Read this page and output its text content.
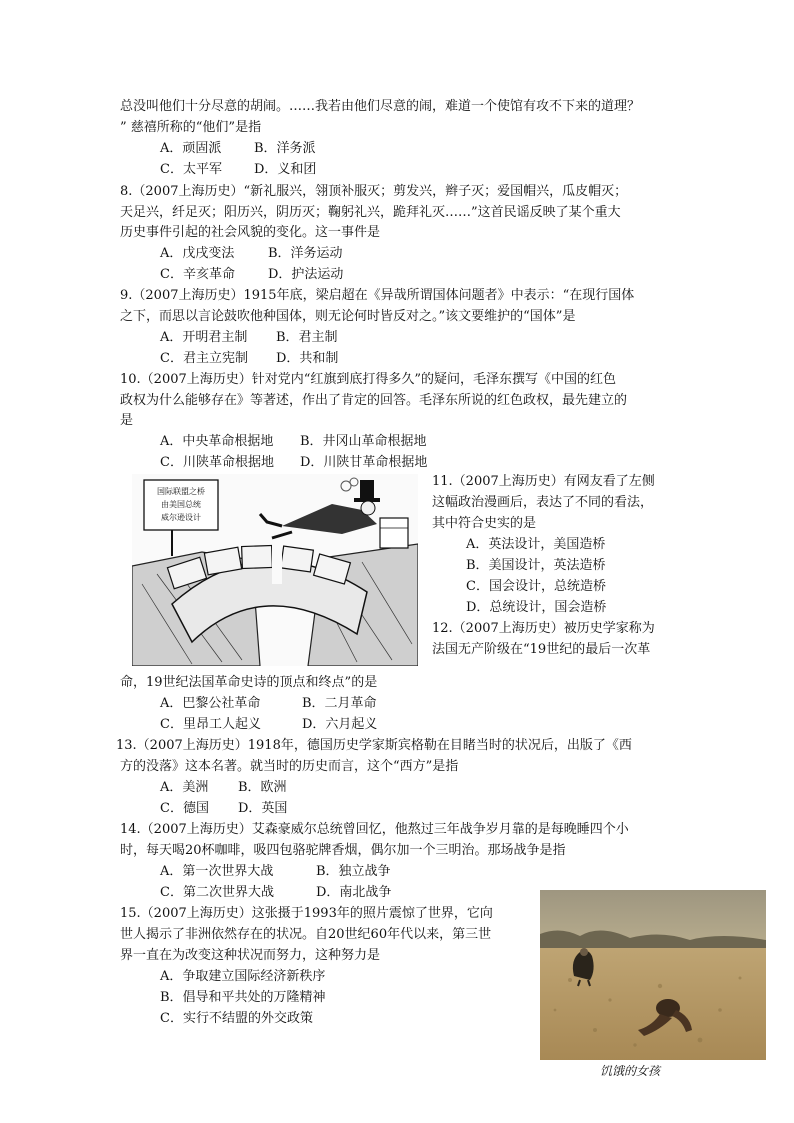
总没叫他们十分尽意的胡闹。……我若由他们尽意的闹，难道一个使馆有攻不下来的道理？
” 慈禧所称的“他们”是指
A．顽固派	B．洋务派
C．太平军 D．义和团
8.（2007上海历史）“新礼服兴，翎顶补服灭；剪发兴，辫子灭；爱国帽兴，瓜皮帽灭；
天足兴，纤足灭；阳历兴，阴历灭；鞠躬礼兴，跪拜礼灭……”这首民谣反映了某个重大
历史事件引起的社会风貌的变化。这一事件是
A．戊戌变法	B．洋务运动
C．辛亥革命	D．护法运动
9.（2007上海历史）1915年底，梁启超在《异哉所谓国体问题者》中表示：“在现行国体
之下，而思以言论鼓吹他种国体，则无论何时皆反对之。”该文要维护的“国体”是
A．开明君主制 B．君主制
C．君主立宪制 D．共和制
10.（2007上海历史）针对党内“红旗到底打得多久”的疑问，毛泽东撰写《中国的红色
政权为什么能够存在》等著述，作出了肯定的回答。毛泽东所说的红色政权，最先建立的
是
A．中央革命根据地 B．井冈山革命根据地
C．川陕革命根据地 D．川陕甘革命根据地
国际联盟之桥
由美国总统
威尔逊设计
11.（2007上海历史）有网友看了左侧
这幅政治漫画后，表达了不同的看法，
其中符合史实的是
A．英法设计，美国造桥
B．美国设计，英法造桥
C．国会设计，总统造桥
D．总统设计，国会造桥
12.（2007上海历史）被历史学家称为
法国无产阶级在“19世纪的最后一次革
命，19世纪法国革命史诗的顶点和终点”的是
A．巴黎公社革命	B．二月革命
C．里昂工人起义	D．六月起义
13.（2007上海历史）1918年，德国历史学家斯宾格勒在目睹当时的状况后，出版了《西
方的没落》这本名著。就当时的历史而言，这个“西方”是指
A．美洲 B．欧洲
C．德国 D．英国
14.（2007上海历史）艾森豪威尔总统曾回忆，他熬过三年战争岁月靠的是每晚睡四个小
时，每天喝20杯咖啡，吸四包骆驼牌香烟，偶尔加一个三明治。那场战争是指
A．第一次世界大战	B．独立战争
C．第二次世界大战	D．南北战争
15.（2007上海历史）这张摄于1993年的照片震惊了世界，它向
世人揭示了非洲依然存在的状况。自20世纪60年代以来，第三世
界一直在为改变这种状况而努力，这种努力是
A．争取建立国际经济新秩序
B．倡导和平共处的万隆精神
C．实行不结盟的外交政策
饥饿的女孩
